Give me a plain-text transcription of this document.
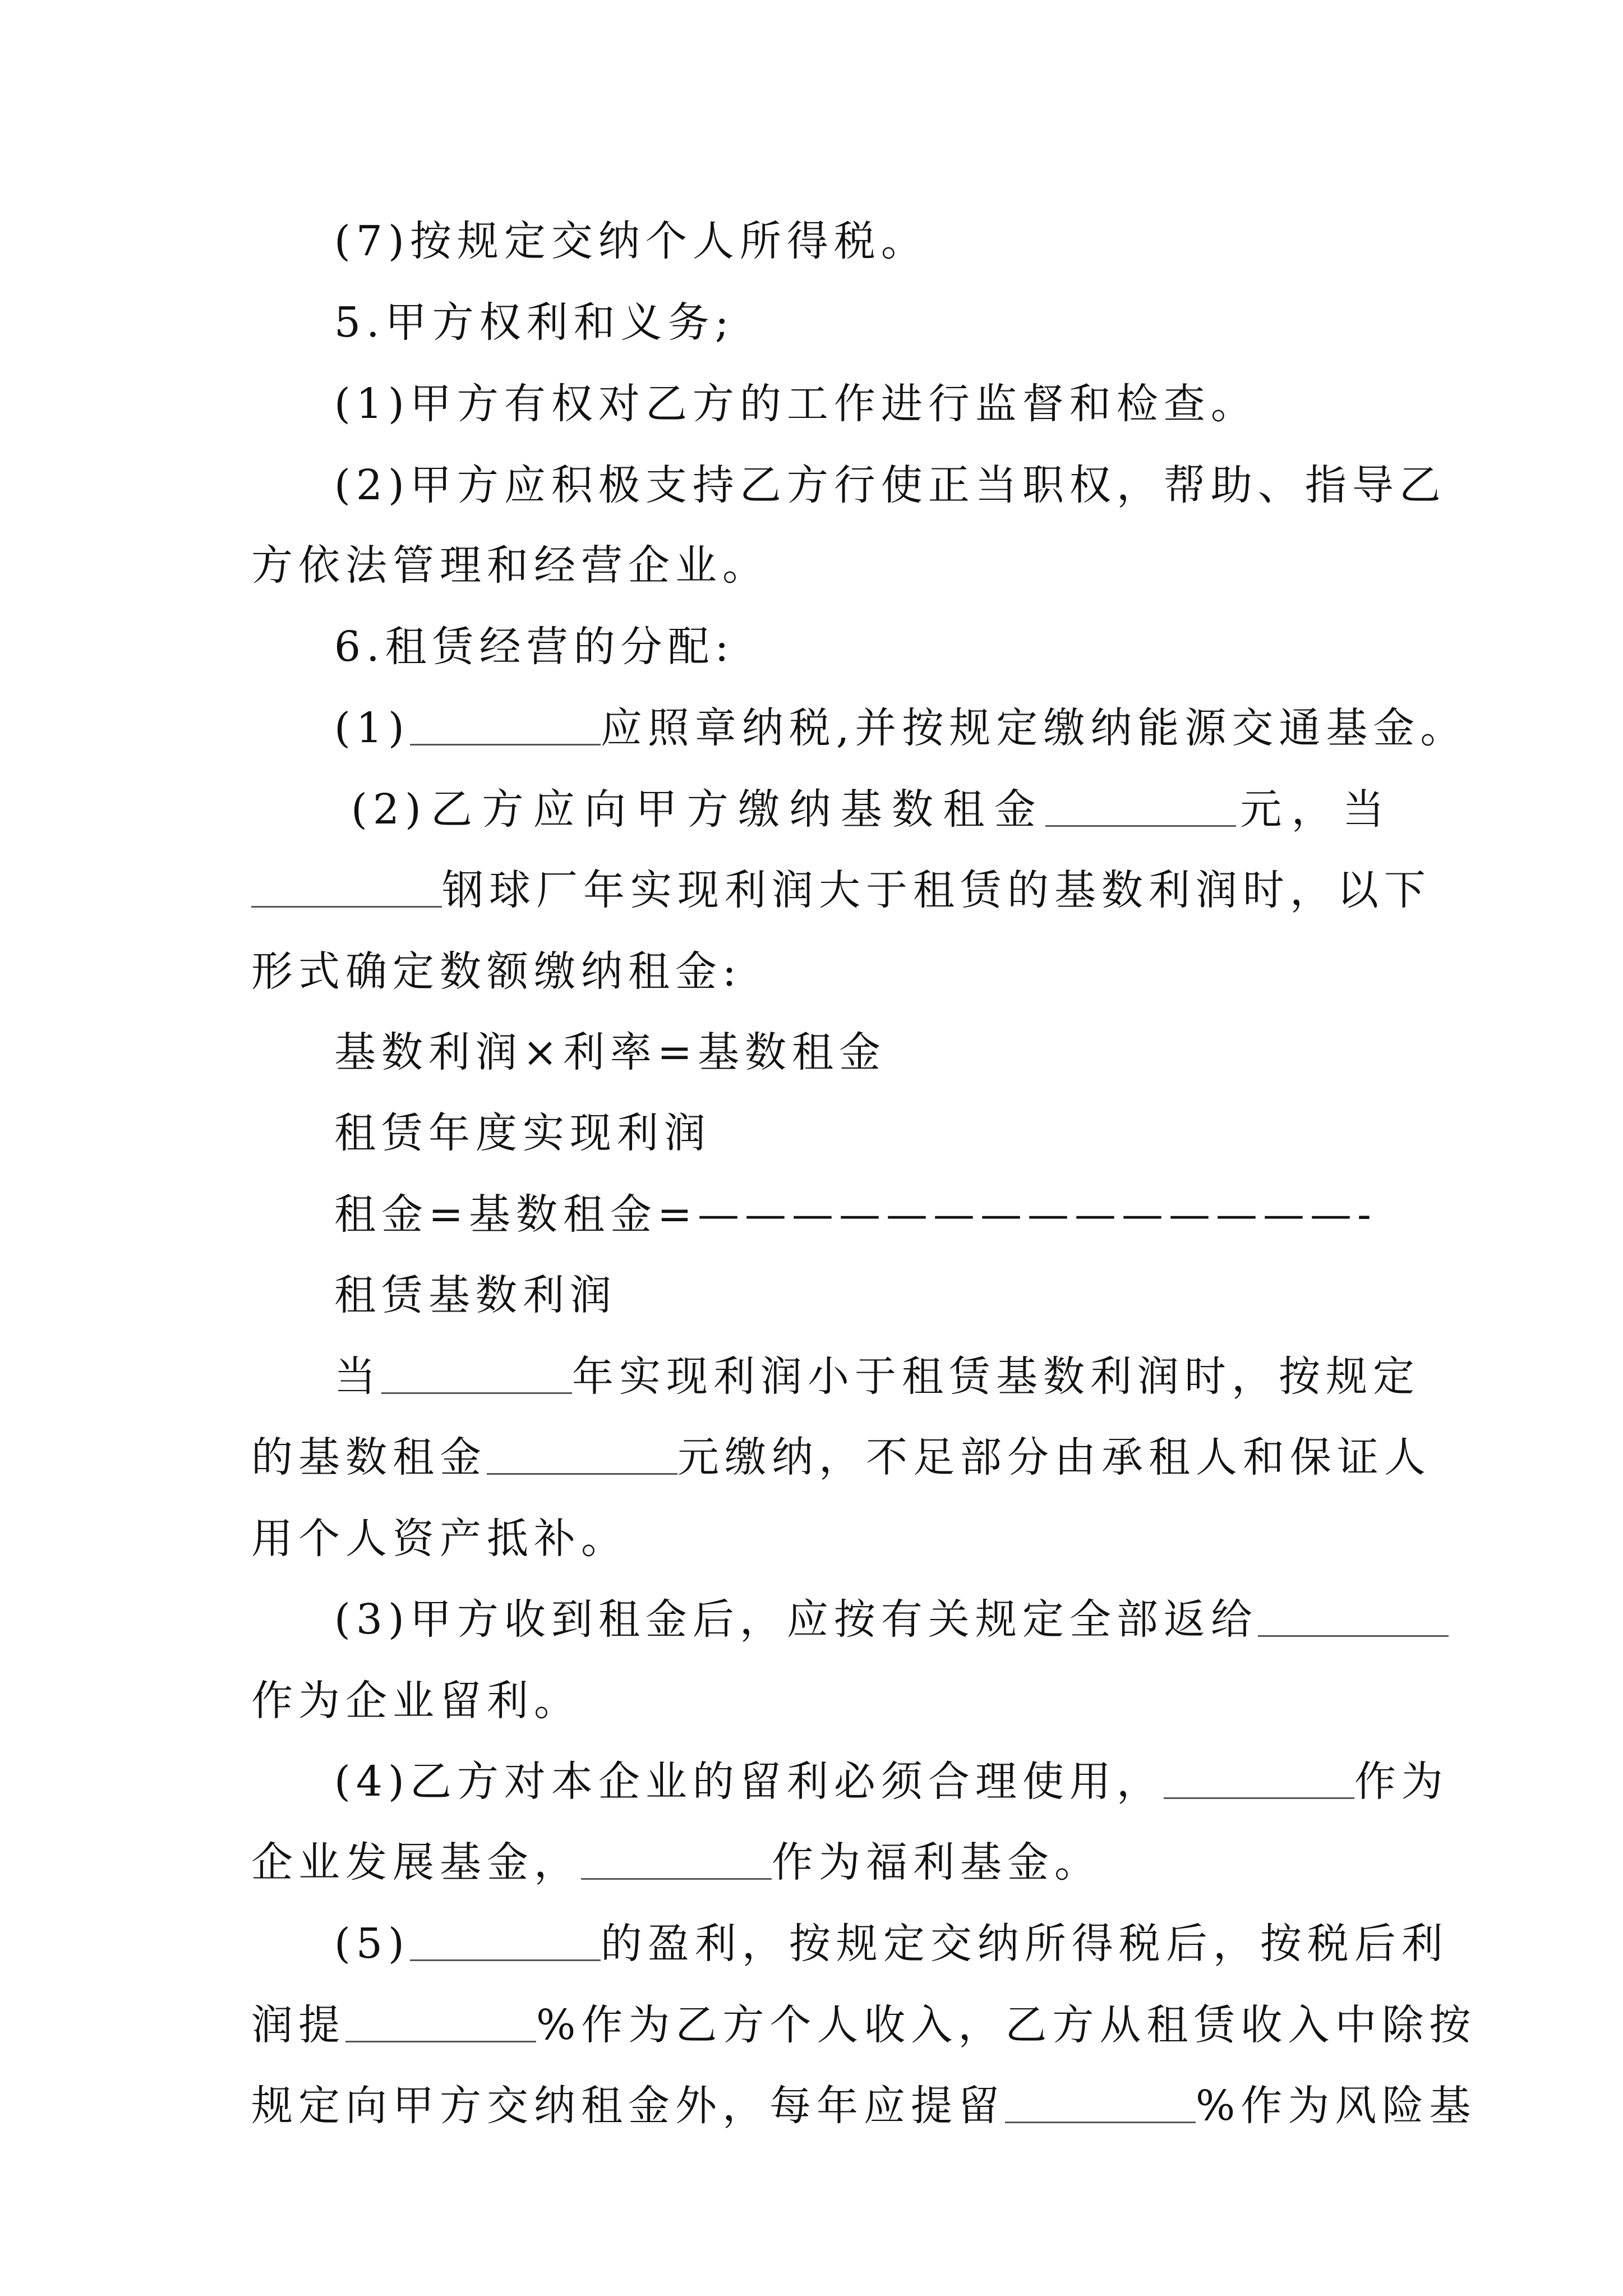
(7)按规定交纳个人所得税。
5.甲方权利和义务;
(1)甲方有权对乙方的工作进行监督和检查。
(2)甲方应积极支持乙方行使正当职权，帮助、指导乙
方依法管理和经营企业。
6.租赁经营的分配:
(1)	应照章纳税,并按规定缴纳能源交通基金。
(2)乙方应向甲方缴纳基数租金	元，当
钢球厂年实现利润大于租赁的基数利润时，以下
形式确定数额缴纳租金:
基数利润×利率=基数租金
租赁年度实现利润
租金=基数租金=——————————————-
租赁基数利润
当	年实现利润小于租赁基数利润时，按规定
的基数租金	元缴纳，不足部分由承租人和保证人
用个人资产抵补。
(3)甲方收到租金后，应按有关规定全部返给
作为企业留利。
(4)乙方对本企业的留利必须合理使用，	作为
企业发展基金，	作为福利基金。
(5)	的盈利，按规定交纳所得税后，按税后利
润提	%作为乙方个人收入，乙方从租赁收入中除按
规定向甲方交纳租金外，每年应提留	%作为风险基
